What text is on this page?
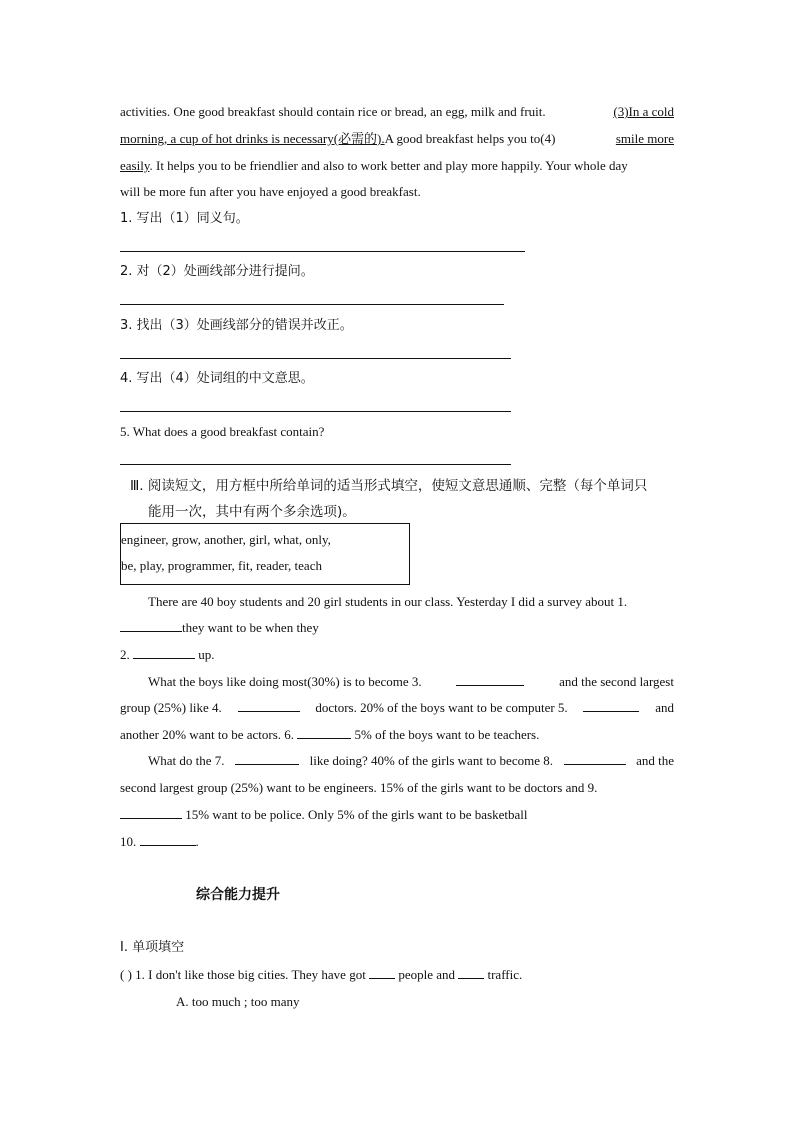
activities. One good breakfast should contain rice or bread, an egg, milk and fruit.	(3)In a cold
morning, a cup of hot drinks is necessary(必需的). A good breakfast helps you to(4)	smile more
easily. It helps you to be friendlier and also to work better and play more happily. Your whole day
will be more fun after you have enjoyed a good breakfast.
1. 写出（1）同义句。
2. 对（2）处画线部分进行提问。
3. 找出（3）处画线部分的错误并改正。
4. 写出（4）处词组的中文意思。
5. What does a good breakfast contain?
Ⅲ. 阅读短文，用方框中所给单词的适当形式填空，使短文意思通顺、完整（每个单词只
能用一次，其中有两个多余选项)。
engineer, grow, another, girl, what, only,
be, play, programmer, fit, reader, teach
There are 40 boy students and 20 girl students in our class. Yesterday I did a survey about 1.
they want to be when they
2.	up.
What the boys like doing most(30%) is to become 3.	and the second largest
group (25%) like 4.	doctors. 20% of the boys want to be computer 5.	and
another 20% want to be actors. 6.	5% of the boys want to be teachers.
What do the 7.	like doing? 40% of the girls want to become 8.	and the
second largest group (25%) want to be engineers. 15% of the girls want to be doctors and 9.
15% want to be police. Only 5% of the girls want to be basketball
10.	.
综合能力提升
Ⅰ. 单项填空
( ) 1. I don't like those big cities. They have got	people and	traffic.
A. too much ; too many
